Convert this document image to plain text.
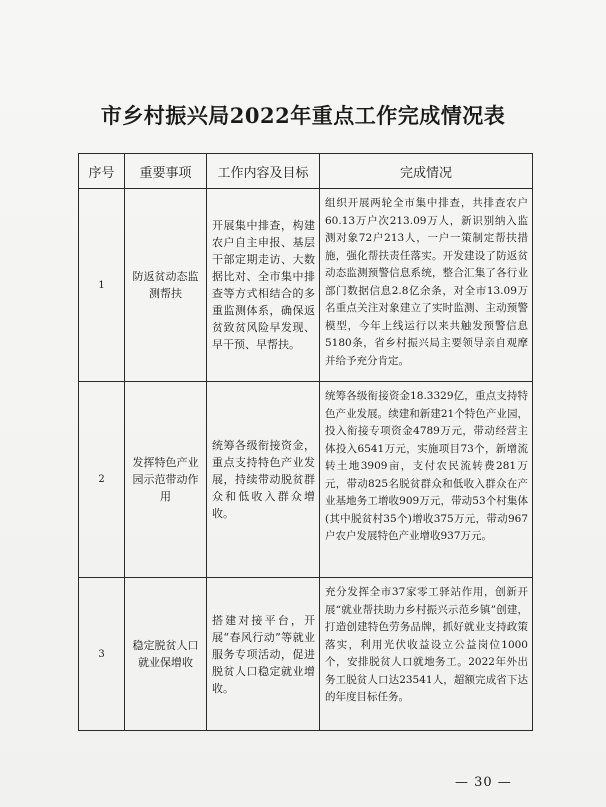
市乡村振兴局2022年重点工作完成情况表
序号	重要事项	工作内容及目标	完成情况
1	防返贫动态监测帮扶	开展集中排查，构建农户自主申报、基层干部定期走访、大数据比对、全市集中排查等方式相结合的多重监测体系，确保返贫致贫风险早发现、早干预、早帮扶。	组织开展两轮全市集中排查，共排查农户60.13万户次213.09万人，新识别纳入监测对象72户213人，一户一策制定帮扶措施，强化帮扶责任落实。开发建设了防返贫动态监测预警信息系统，整合汇集了各行业部门数据信息2.8亿余条，对全市13.09万名重点关注对象建立了实时监测、主动预警模型，今年上线运行以来共触发预警信息5180条，省乡村振兴局主要领导亲自观摩并给予充分肯定。
2	发挥特色产业园示范带动作用	统筹各级衔接资金，重点支持特色产业发展，持续带动脱贫群众和低收入群众增收。	统筹各级衔接资金18.3329亿，重点支持特色产业发展。续建和新建21个特色产业园，投入衔接专项资金4789万元，带动经营主体投入6541万元，实施项目73个，新增流转土地3909亩，支付农民流转费281万元，带动825名脱贫群众和低收入群众在产业基地务工增收909万元，带动53个村集体(其中脱贫村35个)增收375万元，带动967户农户发展特色产业增收937万元。
3	稳定脱贫人口就业保增收	搭建对接平台，开展“春风行动”等就业服务专项活动，促进脱贫人口稳定就业增收。	充分发挥全市37家零工驿站作用，创新开展“就业帮扶助力乡村振兴示范乡镇”创建，打造创建特色劳务品牌，抓好就业支持政策落实，利用光伏收益设立公益岗位1000个，安排脱贫人口就地务工。2022年外出务工脱贫人口达23541人，超额完成省下达的年度目标任务。
— 30 —
